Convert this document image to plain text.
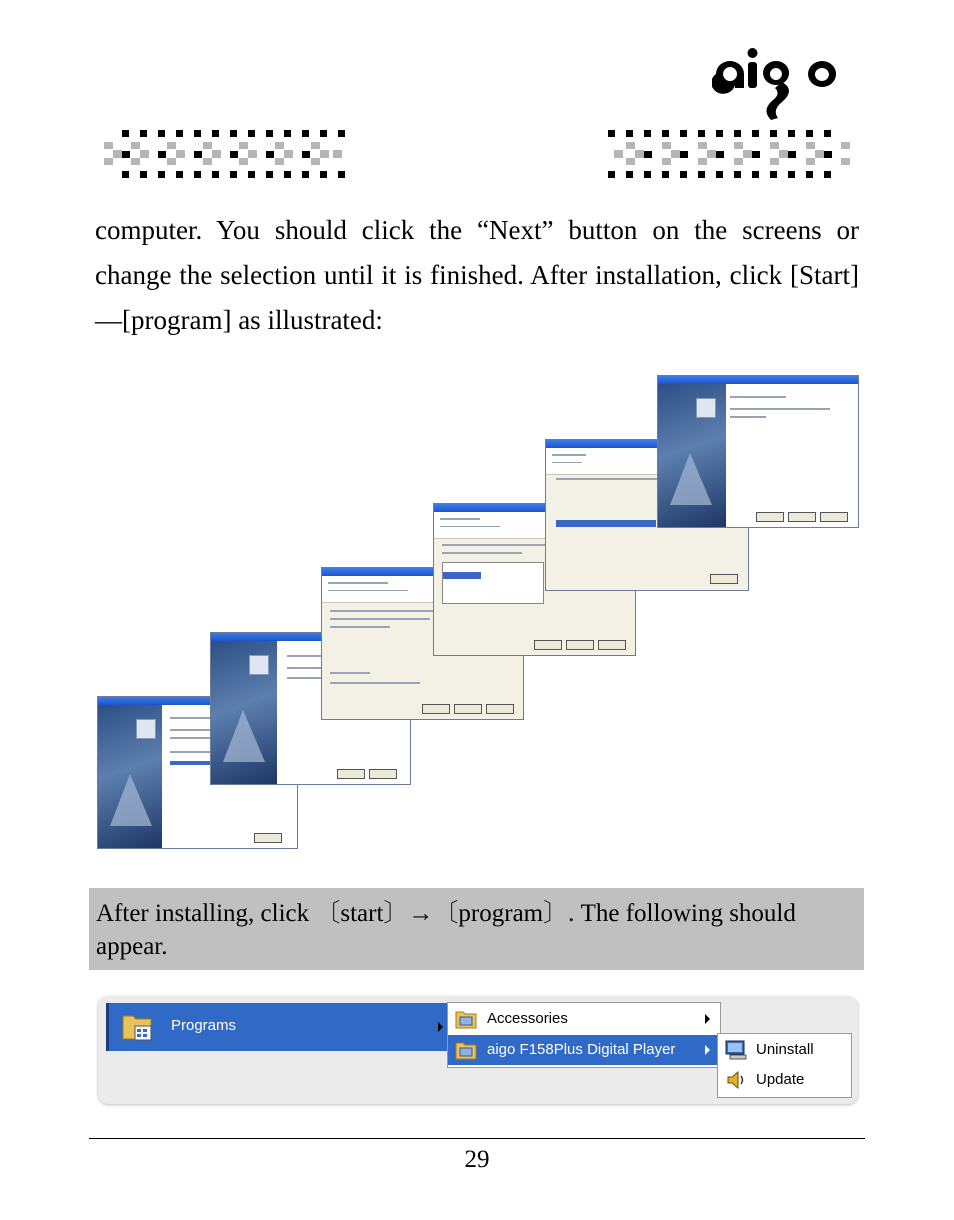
computer. You should click the “Next” button on the screens or change the selection until it is finished. After installation, click [Start]—[program] as illustrated:
After installing, click 〔start〕→〔program〕. The following should appear.
Programs	Accessories
aigo F158Plus Digital Player	Uninstall
Update
29
